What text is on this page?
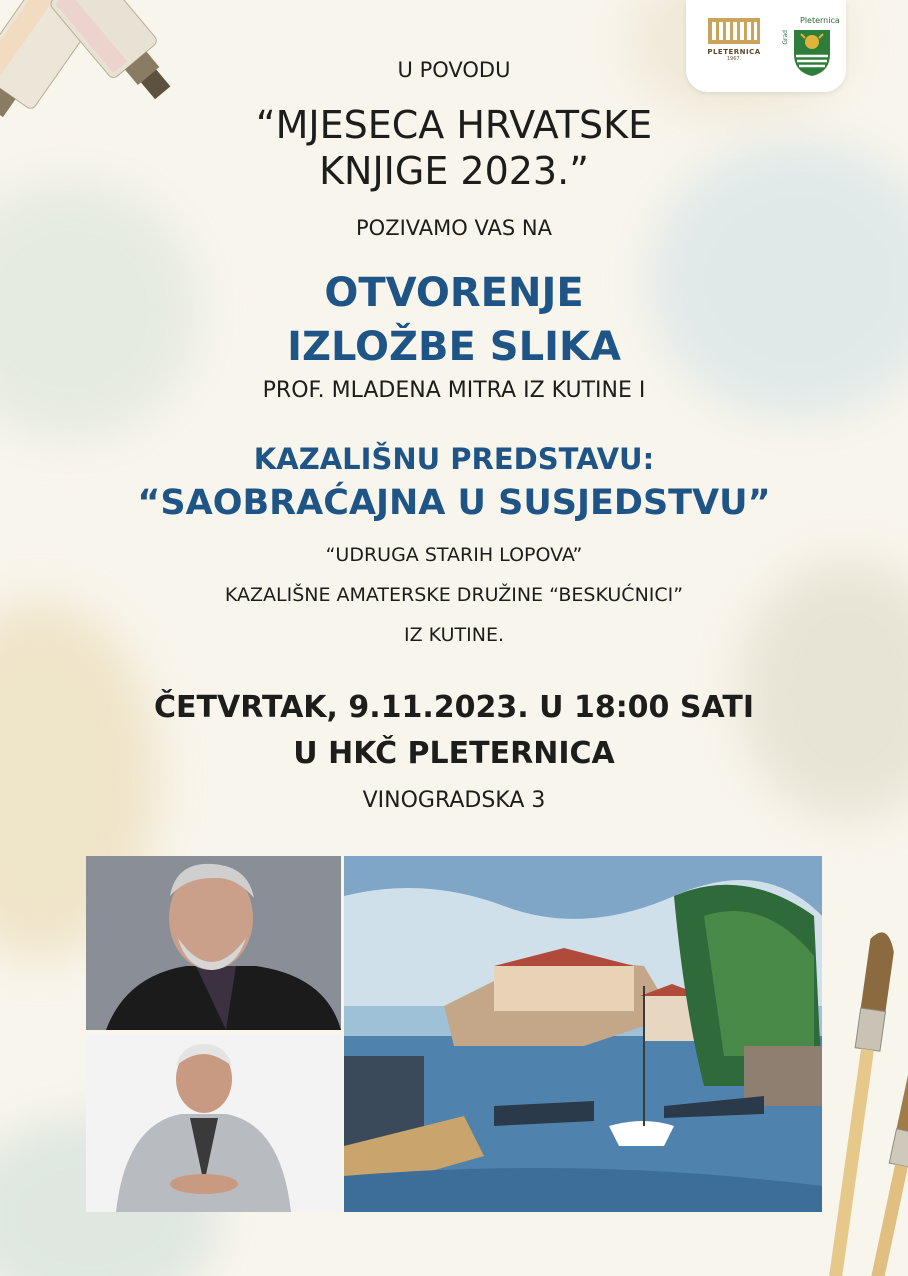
PLETERNICA
1967.
Grad
Pleternica
U POVODU
“MJESECA HRVATSKE
KNJIGE 2023.”
POZIVAMO VAS NA
OTVORENJE
IZLOŽBE SLIKA
PROF. MLADENA MITRA IZ KUTINE I
KAZALIŠNU PREDSTAVU:
“SAOBRAĆAJNA U SUSJEDSTVU”
“UDRUGA STARIH LOPOVA”
KAZALIŠNE AMATERSKE DRUŽINE “BESKUĆNICI”
IZ KUTINE.
ČETVRTAK, 9.11.2023. U 18:00 SATI
U HKČ PLETERNICA
VINOGRADSKA 3
